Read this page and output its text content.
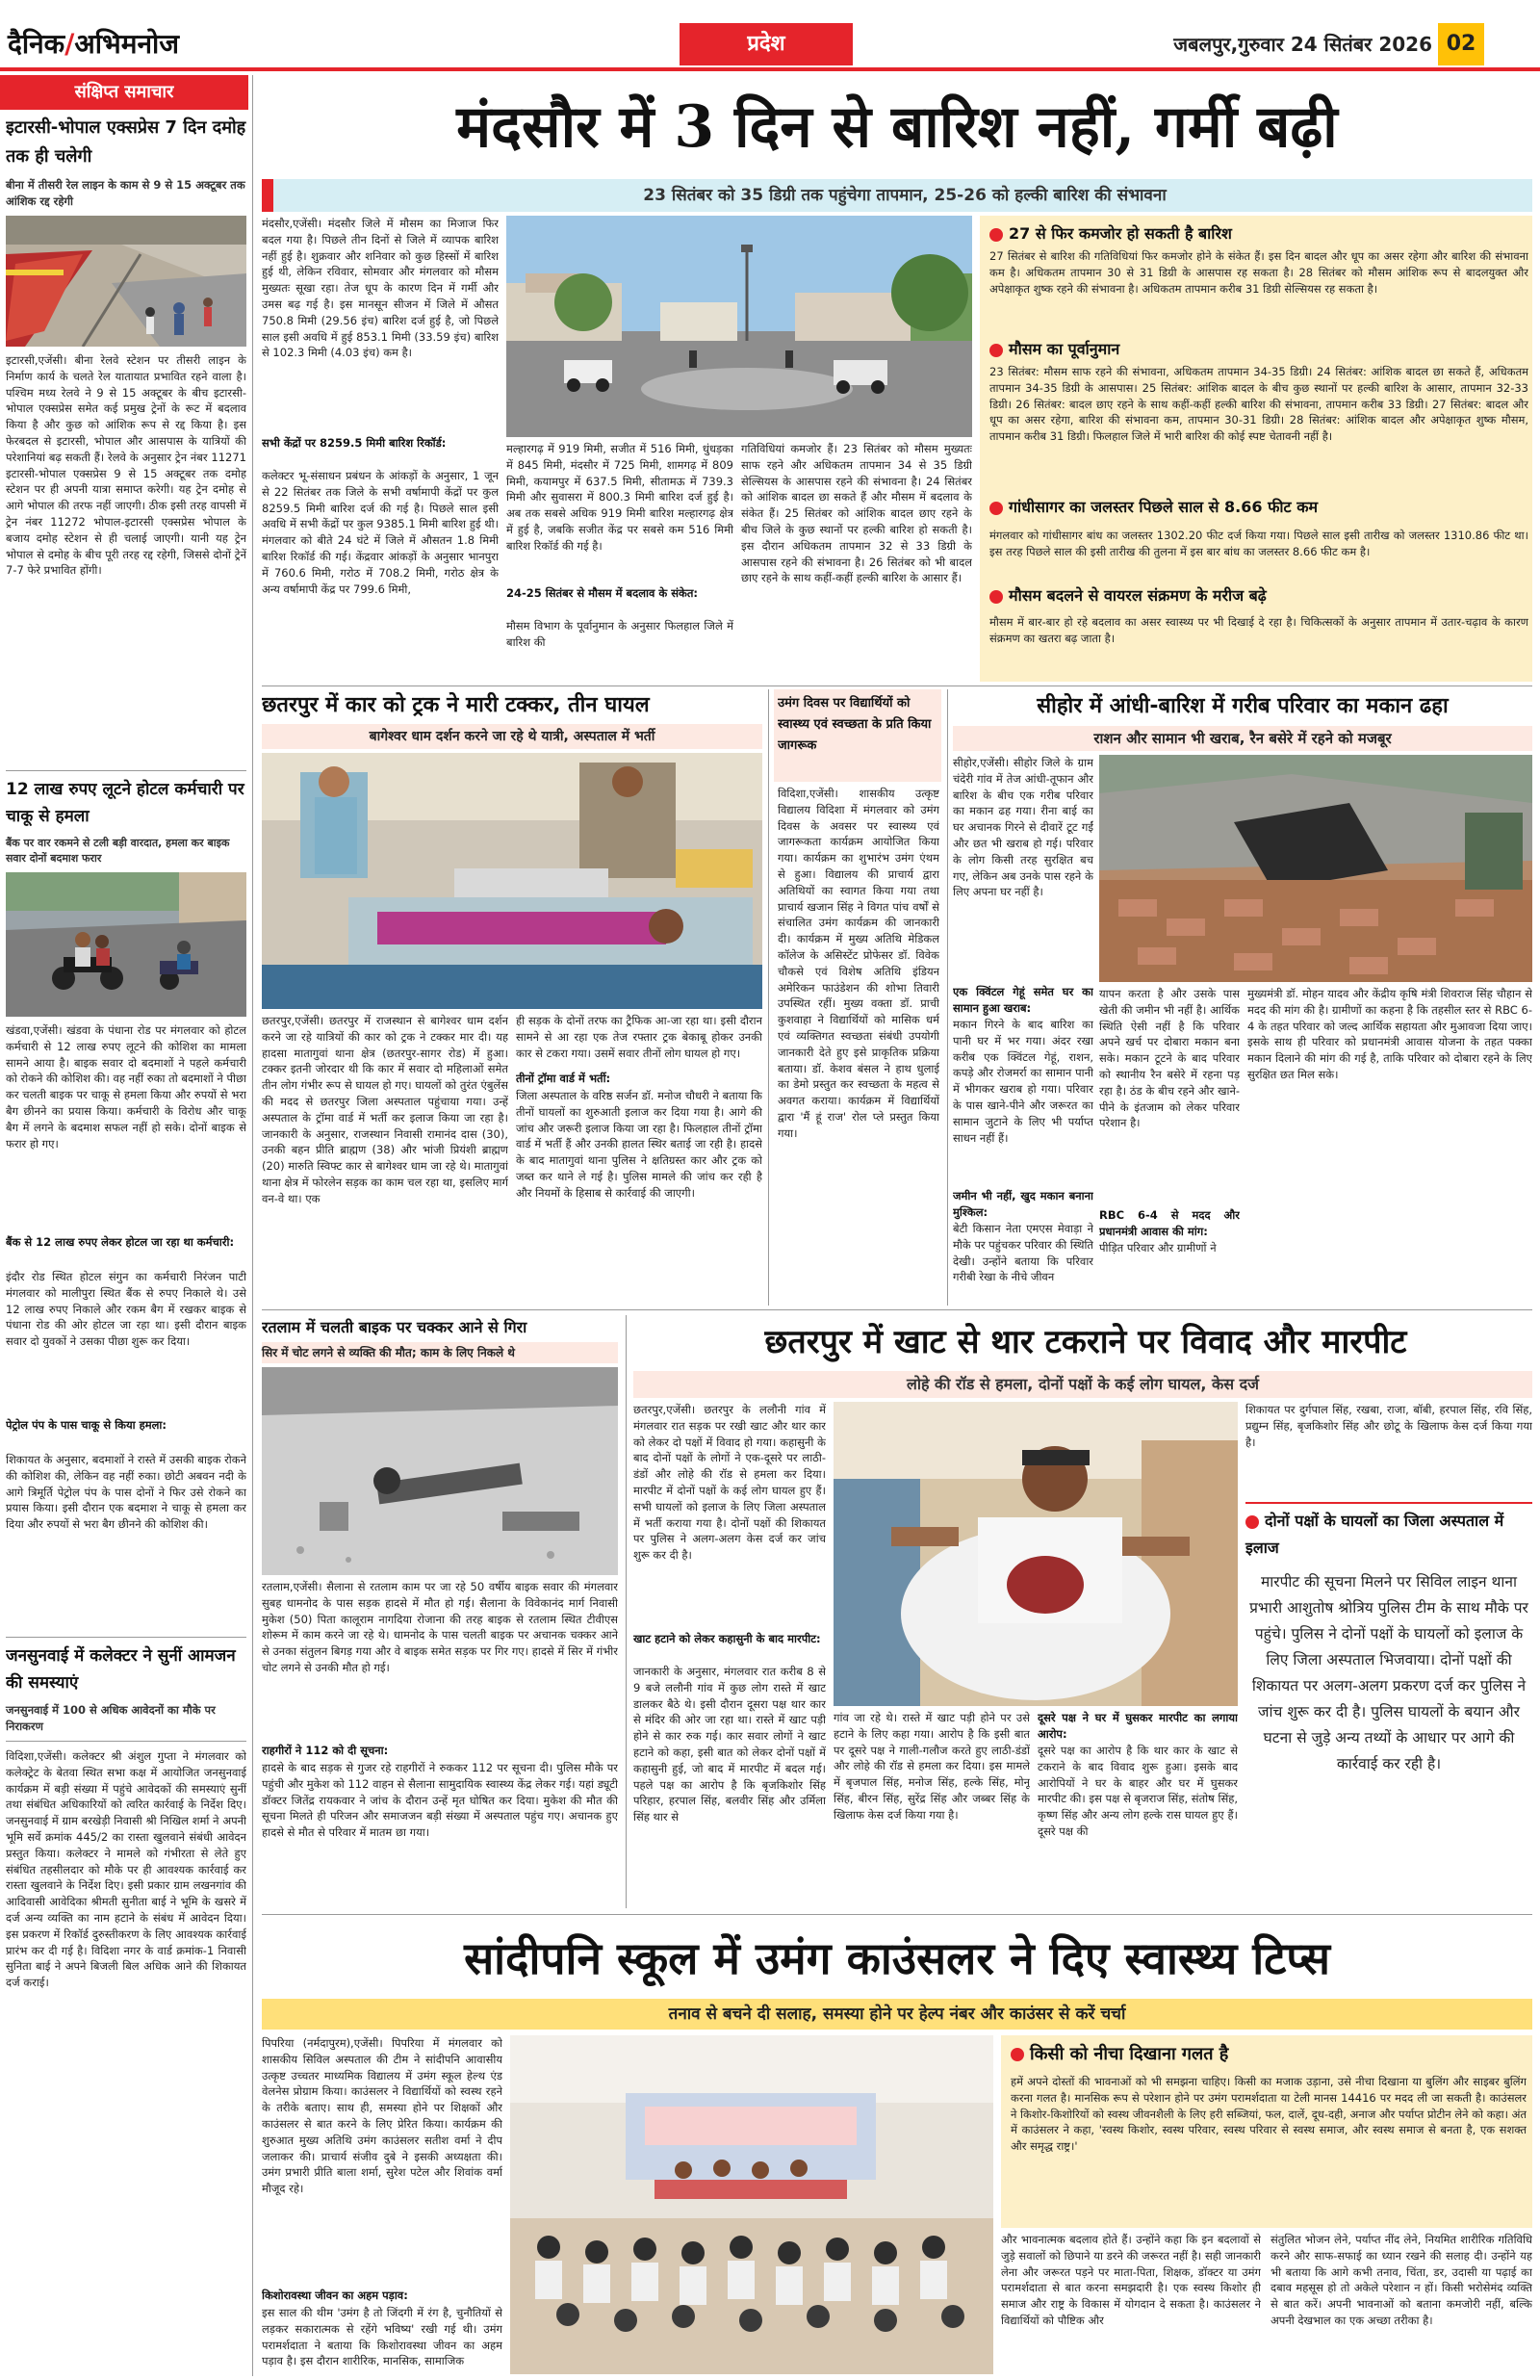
दैनिक/अभिमनोज	प्रदेश	जबलपुर,गुरुवार 24 सितंबर 2026 02
संक्षिप्त समाचार
इटारसी-भोपाल एक्सप्रेस 7 दिन दमोह तक ही चलेगी
बीना में तीसरी रेल लाइन के काम से 9 से 15 अक्टूबर तक आंशिक रद्द रहेगी
इटारसी,एजेंसी। बीना रेलवे स्टेशन पर तीसरी लाइन के निर्माण कार्य के चलते रेल यातायात प्रभावित रहने वाला है। पश्चिम मध्य रेलवे ने 9 से 15 अक्टूबर के बीच इटारसी-भोपाल एक्सप्रेस समेत कई प्रमुख ट्रेनों के रूट में बदलाव किया है और कुछ को आंशिक रूप से रद्द किया है। इस फेरबदल से इटारसी, भोपाल और आसपास के यात्रियों की परेशानियां बढ़ सकती हैं। रेलवे के अनुसार ट्रेन नंबर 11271 इटारसी-भोपाल एक्सप्रेस 9 से 15 अक्टूबर तक दमोह स्टेशन पर ही अपनी यात्रा समाप्त करेगी। यह ट्रेन दमोह से आगे भोपाल की तरफ नहीं जाएगी। ठीक इसी तरह वापसी में ट्रेन नंबर 11272 भोपाल-इटारसी एक्सप्रेस भोपाल के बजाय दमोह स्टेशन से ही चलाई जाएगी। यानी यह ट्रेन भोपाल से दमोह के बीच पूरी तरह रद्द रहेगी, जिससे दोनों ट्रेनें 7-7 फेरे प्रभावित होंगी।
12 लाख रुपए लूटने होटल कर्मचारी पर चाकू से हमला
बैंक पर वार रकमने से टली बड़ी वारदात, हमला कर बाइक सवार दोनों बदमाश फरार
खंडवा,एजेंसी। खंडवा के पंधाना रोड पर मंगलवार को होटल कर्मचारी से 12 लाख रुपए लूटने की कोशिश का मामला सामने आया है। बाइक सवार दो बदमाशों ने पहले कर्मचारी को रोकने की कोशिश की। वह नहीं रुका तो बदमाशों ने पीछा कर चलती बाइक पर चाकू से हमला किया और रुपयों से भरा बैग छीनने का प्रयास किया। कर्मचारी के विरोध और चाकू बैग में लगने के बदमाश सफल नहीं हो सके। दोनों बाइक से फरार हो गए।
बैंक से 12 लाख रुपए लेकर होटल जा रहा था कर्मचारी:
इंदौर रोड स्थित होटल संगुन का कर्मचारी निरंजन पाटी मंगलवार को मालीपुरा स्थित बैंक से रुपए निकाले थे। उसे 12 लाख रुपए निकाले और रकम बैग में रखकर बाइक से पंधाना रोड की ओर होटल जा रहा था। इसी दौरान बाइक सवार दो युवकों ने उसका पीछा शुरू कर दिया।
पेट्रोल पंप के पास चाकू से किया हमला:
शिकायत के अनुसार, बदमाशों ने रास्ते में उसकी बाइक रोकने की कोशिश की, लेकिन वह नहीं रुका। छोटी अबवन नदी के आगे त्रिमूर्ति पेट्रोल पंप के पास दोनों ने फिर उसे रोकने का प्रयास किया। इसी दौरान एक बदमाश ने चाकू से हमला कर दिया और रुपयों से भरा बैग छीनने की कोशिश की।
जनसुनवाई में कलेक्टर ने सुनीं आमजन की समस्याएं
जनसुनवाई में 100 से अधिक आवेदनों का मौके पर निराकरण
विदिशा,एजेंसी। कलेक्टर श्री अंशुल गुप्ता ने मंगलवार को कलेक्ट्रेट के बेतवा स्थित सभा कक्ष में आयोजित जनसुनवाई कार्यक्रम में बड़ी संख्या में पहुंचे आवेदकों की समस्याएं सुनीं तथा संबंधित अधिकारियों को त्वरित कार्रवाई के निर्देश दिए। जनसुनवाई में ग्राम बरखेड़ी निवासी श्री निखिल शर्मा ने अपनी भूमि सर्वे क्रमांक 445/2 का रास्ता खुलवाने संबंधी आवेदन प्रस्तुत किया। कलेक्टर ने मामले को गंभीरता से लेते हुए संबंधित तहसीलदार को मौके पर ही आवश्यक कार्रवाई कर रास्ता खुलवाने के निर्देश दिए। इसी प्रकार ग्राम लखनगांव की आदिवासी आवेदिका श्रीमती सुनीता बाई ने भूमि के खसरे में दर्ज अन्य व्यक्ति का नाम हटाने के संबंध में आवेदन दिया। इस प्रकरण में रिकॉर्ड दुरुस्तीकरण के लिए आवश्यक कार्रवाई प्रारंभ कर दी गई है। विदिशा नगर के वार्ड क्रमांक-1 निवासी सुनिता बाई ने अपने बिजली बिल अधिक आने की शिकायत दर्ज कराई।
मंदसौर में 3 दिन से बारिश नहीं, गर्मी बढ़ी
23 सितंबर को 35 डिग्री तक पहुंचेगा तापमान, 25-26 को हल्की बारिश की संभावना
मंदसौर,एजेंसी। मंदसौर जिले में मौसम का मिजाज फिर बदल गया है। पिछले तीन दिनों से जिले में व्यापक बारिश नहीं हुई है। शुक्रवार और शनिवार को कुछ हिस्सों में बारिश हुई थी, लेकिन रविवार, सोमवार और मंगलवार को मौसम मुख्यतः सूखा रहा। तेज धूप के कारण दिन में गर्मी और उमस बढ़ गई है। इस मानसून सीजन में जिले में औसत 750.8 मिमी (29.56 इंच) बारिश दर्ज हुई है, जो पिछले साल इसी अवधि में हुई 853.1 मिमी (33.59 इंच) बारिश से 102.3 मिमी (4.03 इंच) कम है।
सभी केंद्रों पर 8259.5 मिमी बारिश रिकॉर्ड:
कलेक्टर भू-संसाधन प्रबंधन के आंकड़ों के अनुसार, 1 जून से 22 सितंबर तक जिले के सभी वर्षामापी केंद्रों पर कुल 8259.5 मिमी बारिश दर्ज की गई है। पिछले साल इसी अवधि में सभी केंद्रों पर कुल 9385.1 मिमी बारिश हुई थी। मंगलवार को बीते 24 घंटे में जिले में औसतन 1.8 मिमी बारिश रिकॉर्ड की गई। केंद्रवार आंकड़ों के अनुसार भानपुरा में 760.6 मिमी, गरोठ में 708.2 मिमी, गरोठ क्षेत्र के अन्य वर्षामापी केंद्र पर 799.6 मिमी,
मल्हारगढ़ में 919 मिमी, सजीत में 516 मिमी, धुंधड़का में 845 मिमी, मंदसौर में 725 मिमी, शामगढ़ में 809 मिमी, कयामपुर में 637.5 मिमी, सीतामऊ में 739.3 मिमी और सुवासरा में 800.3 मिमी बारिश दर्ज हुई है। अब तक सबसे अधिक 919 मिमी बारिश मल्हारगढ़ क्षेत्र में हुई है, जबकि सजीत केंद्र पर सबसे कम 516 मिमी बारिश रिकॉर्ड की गई है।
24-25 सितंबर से मौसम में बदलाव के संकेत:
मौसम विभाग के पूर्वानुमान के अनुसार फिलहाल जिले में बारिश की
गतिविधियां कमजोर हैं। 23 सितंबर को मौसम मुख्यतः साफ रहने और अधिकतम तापमान 34 से 35 डिग्री सेल्सियस के आसपास रहने की संभावना है। 24 सितंबर को आंशिक बादल छा सकते हैं और मौसम में बदलाव के संकेत हैं। 25 सितंबर को आंशिक बादल छाए रहने के बीच जिले के कुछ स्थानों पर हल्की बारिश हो सकती है। इस दौरान अधिकतम तापमान 32 से 33 डिग्री के आसपास रहने की संभावना है। 26 सितंबर को भी बादल छाए रहने के साथ कहीं-कहीं हल्की बारिश के आसार हैं।
27 से फिर कमजोर हो सकती है बारिश
27 सितंबर से बारिश की गतिविधियां फिर कमजोर होने के संकेत हैं। इस दिन बादल और धूप का असर रहेगा और बारिश की संभावना कम है। अधिकतम तापमान 30 से 31 डिग्री के आसपास रह सकता है। 28 सितंबर को मौसम आंशिक रूप से बादलयुक्त और अपेक्षाकृत शुष्क रहने की संभावना है। अधिकतम तापमान करीब 31 डिग्री सेल्सियस रह सकता है।
मौसम का पूर्वानुमान
23 सितंबर: मौसम साफ रहने की संभावना, अधिकतम तापमान 34-35 डिग्री। 24 सितंबर: आंशिक बादल छा सकते हैं, अधिकतम तापमान 34-35 डिग्री के आसपास। 25 सितंबर: आंशिक बादल के बीच कुछ स्थानों पर हल्की बारिश के आसार, तापमान 32-33 डिग्री। 26 सितंबर: बादल छाए रहने के साथ कहीं-कहीं हल्की बारिश की संभावना, तापमान करीब 33 डिग्री। 27 सितंबर: बादल और धूप का असर रहेगा, बारिश की संभावना कम, तापमान 30-31 डिग्री। 28 सितंबर: आंशिक बादल और अपेक्षाकृत शुष्क मौसम, तापमान करीब 31 डिग्री। फिलहाल जिले में भारी बारिश की कोई स्पष्ट चेतावनी नहीं है।
गांधीसागर का जलस्तर पिछले साल से 8.66 फीट कम
मंगलवार को गांधीसागर बांध का जलस्तर 1302.20 फीट दर्ज किया गया। पिछले साल इसी तारीख को जलस्तर 1310.86 फीट था। इस तरह पिछले साल की इसी तारीख की तुलना में इस बार बांध का जलस्तर 8.66 फीट कम है।
मौसम बदलने से वायरल संक्रमण के मरीज बढ़े
मौसम में बार-बार हो रहे बदलाव का असर स्वास्थ्य पर भी दिखाई दे रहा है। चिकित्सकों के अनुसार तापमान में उतार-चढ़ाव के कारण संक्रमण का खतरा बढ़ जाता है।
छतरपुर में कार को ट्रक ने मारी टक्कर, तीन घायल
बागेश्वर धाम दर्शन करने जा रहे थे यात्री, अस्पताल में भर्ती
छतरपुर,एजेंसी। छतरपुर में राजस्थान से बागेश्वर धाम दर्शन करने जा रहे यात्रियों की कार को ट्रक ने टक्कर मार दी। यह हादसा मातागुवां थाना क्षेत्र (छतरपुर-सागर रोड) में हुआ। टक्कर इतनी जोरदार थी कि कार में सवार दो महिलाओं समेत तीन लोग गंभीर रूप से घायल हो गए। घायलों को तुरंत एंबुलेंस की मदद से छतरपुर जिला अस्पताल पहुंचाया गया। उन्हें अस्पताल के ट्रॉमा वार्ड में भर्ती कर इलाज किया जा रहा है। जानकारी के अनुसार, राजस्थान निवासी रामानंद दास (30), उनकी बहन प्रीति ब्राह्मण (38) और भांजी प्रियंशी ब्राह्मण (20) मारुति स्विफ्ट कार से बागेश्वर धाम जा रहे थे। मातागुवां थाना क्षेत्र में फोरलेन सड़क का काम चल रहा था, इसलिए मार्ग वन-वे था। एक
ही सड़क के दोनों तरफ का ट्रैफिक आ-जा रहा था। इसी दौरान सामने से आ रहा एक तेज रफ्तार ट्रक बेकाबू होकर उनकी कार से टकरा गया। उसमें सवार तीनों लोग घायल हो गए।
तीनों ट्रॉमा वार्ड में भर्ती:
जिला अस्पताल के वरिष्ठ सर्जन डॉ. मनोज चौधरी ने बताया कि तीनों घायलों का शुरुआती इलाज कर दिया गया है। आगे की जांच और जरूरी इलाज किया जा रहा है। फिलहाल तीनों ट्रॉमा वार्ड में भर्ती हैं और उनकी हालत स्थिर बताई जा रही है। हादसे के बाद मातागुवां थाना पुलिस ने क्षतिग्रस्त कार और ट्रक को जब्त कर थाने ले गई है। पुलिस मामले की जांच कर रही है और नियमों के हिसाब से कार्रवाई की जाएगी।
उमंग दिवस पर विद्यार्थियों को स्वास्थ्य एवं स्वच्छता के प्रति किया जागरूक
विदिशा,एजेंसी। शासकीय उत्कृष्ट विद्यालय विदिशा में मंगलवार को उमंग दिवस के अवसर पर स्वास्थ्य एवं जागरूकता कार्यक्रम आयोजित किया गया। कार्यक्रम का शुभारंभ उमंग एंथम से हुआ। विद्यालय की प्राचार्य द्वारा अतिथियों का स्वागत किया गया तथा प्राचार्य खजान सिंह ने विगत पांच वर्षों से संचालित उमंग कार्यक्रम की जानकारी दी। कार्यक्रम में मुख्य अतिथि मेडिकल कॉलेज के असिस्टेंट प्रोफेसर डॉ. विवेक चौकसे एवं विशेष अतिथि इंडियन अमेरिकन फाउंडेशन की शोभा तिवारी उपस्थित रहीं। मुख्य वक्ता डॉ. प्राची कुशवाहा ने विद्यार्थियों को मासिक धर्म एवं व्यक्तिगत स्वच्छता संबंधी उपयोगी जानकारी देते हुए इसे प्राकृतिक प्रक्रिया बताया। डॉ. केशव बंसल ने हाथ धुलाई का डेमो प्रस्तुत कर स्वच्छता के महत्व से अवगत कराया। कार्यक्रम में विद्यार्थियों द्वारा 'मैं हूं राज' रोल प्ले प्रस्तुत किया गया।
सीहोर में आंधी-बारिश में गरीब परिवार का मकान ढहा
राशन और सामान भी खराब, रैन बसेरे में रहने को मजबूर
सीहोर,एजेंसी। सीहोर जिले के ग्राम चंदेरी गांव में तेज आंधी-तूफान और बारिश के बीच एक गरीब परिवार का मकान ढह गया। रीना बाई का घर अचानक गिरने से दीवारें टूट गईं और छत भी खराब हो गई। परिवार के लोग किसी तरह सुरक्षित बच गए, लेकिन अब उनके पास रहने के लिए अपना घर नहीं है।
एक क्विंटल गेहूं समेत घर का सामान हुआ खराब:
मकान गिरने के बाद बारिश का पानी घर में भर गया। अंदर रखा करीब एक क्विंटल गेहूं, राशन, कपड़े और रोजमर्रा का सामान पानी में भीगकर खराब हो गया। परिवार के पास खाने-पीने और जरूरत का सामान जुटाने के लिए भी पर्याप्त साधन नहीं हैं।
जमीन भी नहीं, खुद मकान बनाना मुश्किल:
बेटी किसान नेता एमएस मेवाड़ा ने मौके पर पहुंचकर परिवार की स्थिति देखी। उन्होंने बताया कि परिवार गरीबी रेखा के नीचे जीवन
यापन करता है और उसके पास खेती की जमीन भी नहीं है। आर्थिक स्थिति ऐसी नहीं है कि परिवार अपने खर्च पर दोबारा मकान बना सके। मकान टूटने के बाद परिवार को स्थानीय रैन बसेरे में रहना पड़ रहा है। ठंड के बीच रहने और खाने-पीने के इंतजाम को लेकर परिवार परेशान है।
RBC 6-4 से मदद और प्रधानमंत्री आवास की मांग:
पीड़ित परिवार और ग्रामीणों ने
मुख्यमंत्री डॉ. मोहन यादव और केंद्रीय कृषि मंत्री शिवराज सिंह चौहान से मदद की मांग की है। ग्रामीणों का कहना है कि तहसील स्तर से RBC 6-4 के तहत परिवार को जल्द आर्थिक सहायता और मुआवजा दिया जाए। इसके साथ ही परिवार को प्रधानमंत्री आवास योजना के तहत पक्का मकान दिलाने की मांग की गई है, ताकि परिवार को दोबारा रहने के लिए सुरक्षित छत मिल सके।
रतलाम में चलती बाइक पर चक्कर आने से गिरा
सिर में चोट लगने से व्यक्ति की मौत; काम के लिए निकले थे
रतलाम,एजेंसी। सैलाना से रतलाम काम पर जा रहे 50 वर्षीय बाइक सवार की मंगलवार सुबह धामनोद के पास सड़क हादसे में मौत हो गई। सैलाना के विवेकानंद मार्ग निवासी मुकेश (50) पिता कालूराम नागदिया रोजाना की तरह बाइक से रतलाम स्थित टीवीएस शोरूम में काम करने जा रहे थे। धामनोद के पास चलती बाइक पर अचानक चक्कर आने से उनका संतुलन बिगड़ गया और वे बाइक समेत सड़क पर गिर गए। हादसे में सिर में गंभीर चोट लगने से उनकी मौत हो गई।
राहगीरों ने 112 को दी सूचना:
हादसे के बाद सड़क से गुजर रहे राहगीरों ने रुककर 112 पर सूचना दी। पुलिस मौके पर पहुंची और मुकेश को 112 वाहन से सैलाना सामुदायिक स्वास्थ्य केंद्र लेकर गई। यहां ड्यूटी डॉक्टर जितेंद्र रायकवार ने जांच के दौरान उन्हें मृत घोषित कर दिया। मुकेश की मौत की सूचना मिलते ही परिजन और समाजजन बड़ी संख्या में अस्पताल पहुंच गए। अचानक हुए हादसे से मौत से परिवार में मातम छा गया।
छतरपुर में खाट से थार टकराने पर विवाद और मारपीट
लोहे की रॉड से हमला, दोनों पक्षों के कई लोग घायल, केस दर्ज
छतरपुर,एजेंसी। छतरपुर के ललौनी गांव में मंगलवार रात सड़क पर रखी खाट और थार कार को लेकर दो पक्षों में विवाद हो गया। कहासुनी के बाद दोनों पक्षों के लोगों ने एक-दूसरे पर लाठी-डंडों और लोहे की रॉड से हमला कर दिया। मारपीट में दोनों पक्षों के कई लोग घायल हुए हैं। सभी घायलों को इलाज के लिए जिला अस्पताल में भर्ती कराया गया है। दोनों पक्षों की शिकायत पर पुलिस ने अलग-अलग केस दर्ज कर जांच शुरू कर दी है।
खाट हटाने को लेकर कहासुनी के बाद मारपीट:
जानकारी के अनुसार, मंगलवार रात करीब 8 से 9 बजे ललौनी गांव में कुछ लोग रास्ते में खाट डालकर बैठे थे। इसी दौरान दूसरा पक्ष थार कार से मंदिर की ओर जा रहा था। रास्ते में खाट पड़ी होने से कार रुक गई। कार सवार लोगों ने खाट हटाने को कहा, इसी बात को लेकर दोनों पक्षों में कहासुनी हुई, जो बाद में मारपीट में बदल गई। पहले पक्ष का आरोप है कि बृजकिशोर सिंह परिहार, हरपाल सिंह, बलवीर सिंह और उर्मिला सिंह थार से
गांव जा रहे थे। रास्ते में खाट पड़ी होने पर उसे हटाने के लिए कहा गया। आरोप है कि इसी बात पर दूसरे पक्ष ने गाली-गलौज करते हुए लाठी-डंडों और लोहे की रॉड से हमला कर दिया। इस मामले में बृजपाल सिंह, मनोज सिंह, हल्के सिंह, मोनू सिंह, बीरन सिंह, सुरेंद्र सिंह और जब्बर सिंह के खिलाफ केस दर्ज किया गया है।
दूसरे पक्ष ने घर में घुसकर मारपीट का लगाया आरोप:
दूसरे पक्ष का आरोप है कि थार कार के खाट से टकराने के बाद विवाद शुरू हुआ। इसके बाद आरोपियों ने घर के बाहर और घर में घुसकर मारपीट की। इस पक्ष से बृजराज सिंह, संतोष सिंह, कृष्ण सिंह और अन्य लोग हल्के रास घायल हुए हैं। दूसरे पक्ष की
शिकायत पर दुर्गपाल सिंह, रखबा, राजा, बॉबी, हरपाल सिंह, रवि सिंह, प्रद्युम्न सिंह, बृजकिशोर सिंह और छोटू के खिलाफ केस दर्ज किया गया है।
दोनों पक्षों के घायलों का जिला अस्पताल में इलाज
मारपीट की सूचना मिलने पर सिविल लाइन थाना प्रभारी आशुतोष श्रोत्रिय पुलिस टीम के साथ मौके पर पहुंचे। पुलिस ने दोनों पक्षों के घायलों को इलाज के लिए जिला अस्पताल भिजवाया। दोनों पक्षों की शिकायत पर अलग-अलग प्रकरण दर्ज कर पुलिस ने जांच शुरू कर दी है। पुलिस घायलों के बयान और घटना से जुड़े अन्य तथ्यों के आधार पर आगे की कार्रवाई कर रही है।
सांदीपनि स्कूल में उमंग काउंसलर ने दिए स्वास्थ्य टिप्स
तनाव से बचने दी सलाह, समस्या होने पर हेल्प नंबर और काउंसर से करें चर्चा
पिपरिया (नर्मदापुरम),एजेंसी। पिपरिया में मंगलवार को शासकीय सिविल अस्पताल की टीम ने सांदीपनि आवासीय उत्कृष्ट उच्चतर माध्यमिक विद्यालय में उमंग स्कूल हेल्थ एंड वेलनेस प्रोग्राम किया। काउंसलर ने विद्यार्थियों को स्वस्थ रहने के तरीके बताए। साथ ही, समस्या होने पर शिक्षकों और काउंसलर से बात करने के लिए प्रेरित किया। कार्यक्रम की शुरुआत मुख्य अतिथि उमंग काउंसलर सतीश वर्मा ने दीप जलाकर की। प्राचार्य संजीव दुबे ने इसकी अध्यक्षता की। उमंग प्रभारी प्रीति बाला शर्मा, सुरेश पटेल और शिवांक वर्मा मौजूद रहे।
किशोरावस्था जीवन का अहम पड़ाव:
इस साल की थीम 'उमंग है तो जिंदगी में रंग है, चुनौतियों से लड़कर सकारात्मक से रहेंगे भविष्य' रखी गई थी। उमंग परामर्शदाता ने बताया कि किशोरावस्था जीवन का अहम पड़ाव है। इस दौरान शारीरिक, मानसिक, सामाजिक
किसी को नीचा दिखाना गलत है
हमें अपने दोस्तों की भावनाओं को भी समझना चाहिए। किसी का मजाक उड़ाना, उसे नीचा दिखाना या बुलिंग और साइबर बुलिंग करना गलत है। मानसिक रूप से परेशान होने पर उमंग परामर्शदाता या टेली मानस 14416 पर मदद ली जा सकती है। काउंसलर ने किशोर-किशोरियों को स्वस्थ जीवनशैली के लिए हरी सब्जियां, फल, दालें, दूध-दही, अनाज और पर्याप्त प्रोटीन लेने को कहा। अंत में काउंसलर ने कहा, 'स्वस्थ किशोर, स्वस्थ परिवार, स्वस्थ परिवार से स्वस्थ समाज, और स्वस्थ समाज से बनता है, एक सशक्त और समृद्ध राष्ट्र।'
और भावनात्मक बदलाव होते हैं। उन्होंने कहा कि इन बदलावों से जुड़े सवालों को छिपाने या डरने की जरूरत नहीं है। सही जानकारी लेना और जरूरत पड़ने पर माता-पिता, शिक्षक, डॉक्टर या उमंग परामर्शदाता से बात करना समझदारी है। एक स्वस्थ किशोर ही समाज और राष्ट्र के विकास में योगदान दे सकता है। काउंसलर ने विद्यार्थियों को पौष्टिक और
संतुलित भोजन लेने, पर्याप्त नींद लेने, नियमित शारीरिक गतिविधि करने और साफ-सफाई का ध्यान रखने की सलाह दी। उन्होंने यह भी बताया कि आगे कभी तनाव, चिंता, डर, उदासी या पढ़ाई का दबाव महसूस हो तो अकेले परेशान न हों। किसी भरोसेमंद व्यक्ति से बात करें। अपनी भावनाओं को बताना कमजोरी नहीं, बल्कि अपनी देखभाल का एक अच्छा तरीका है।
